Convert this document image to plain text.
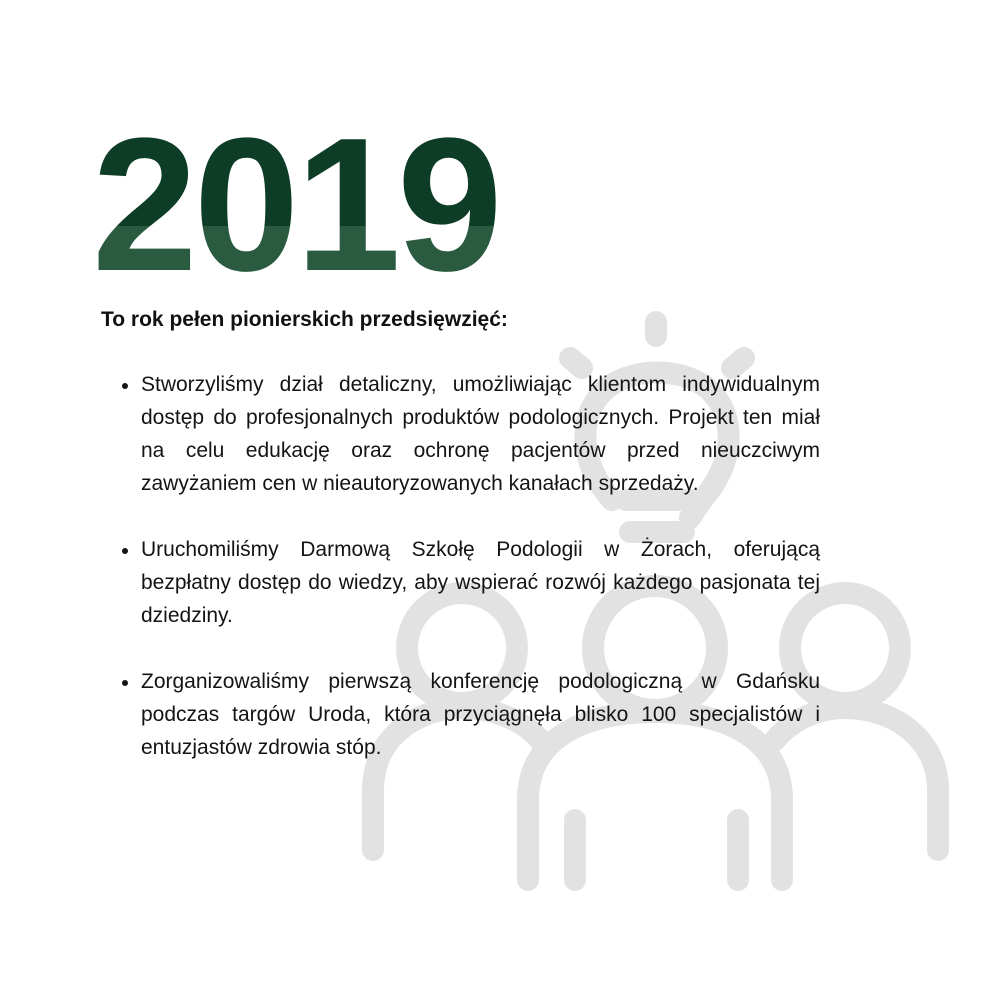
2019

To rok pełen pionierskich przedsięwzięć:

Stworzyliśmy dział detaliczny, umożliwiając klientom indywidualnym dostęp do profesjonalnych produktów podologicznych. Projekt ten miał na celu edukację oraz ochronę pacjentów przed nieuczciwym zawyżaniem cen w nieautoryzowanych kanałach sprzedaży.
Uruchomiliśmy Darmową Szkołę Podologii w Żorach, oferującą bezpłatny dostęp do wiedzy, aby wspierać rozwój każdego pasjonata tej dziedziny.
Zorganizowaliśmy pierwszą konferencję podologiczną w Gdańsku podczas targów Uroda, która przyciągnęła blisko 100 specjalistów i entuzjastów zdrowia stóp.
